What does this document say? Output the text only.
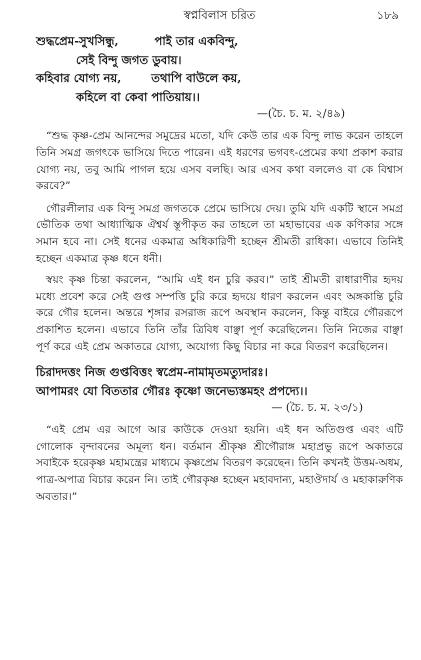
স্বপ্নবিলাস চরিত	১৮৯
শুদ্ধপ্রেম-সুখসিন্ধু,	পাই তার একবিন্দু,
সেই বিন্দু জগত ডুবায়।
কহিবার যোগ্য নয়,	তথাপি বাউলে কয়,
কহিলে বা কেবা পাতিয়ায়।।

—(চৈ. চ. ম. ২/৪৯)

“শুদ্ধ কৃষ্ণ-প্রেম আনন্দের সমুদ্রের মতো, যদি কেউ তার এক বিন্দু লাভ করেন তাহলে তিনি সমগ্র জগৎকে ভাসিয়ে দিতে পারেন। এই ধরণের ভগবৎ-প্রেমের কথা প্রকাশ করার যোগ্য নয়, তবু আমি পাগল হয়ে এসব বলছি। আর এসব কথা বললেও বা কে বিশ্বাস করবে?”

গৌরলীলার এক বিন্দু সমগ্র জগতকে প্রেমে ভাসিয়ে দেয়। তুমি যদি একটি স্থানে সমগ্র ভৌতিক তথা আধ্যাত্মিক ঐশ্বর্য স্তূপীকৃত কর তাহলে তা মহাভাবের এক কণিকার সঙ্গে সমান হবে না। সেই ধনের একমাত্র অধিকারিণী হচ্ছেন শ্রীমতী রাধিকা। এভাবে তিনিই হচ্ছেন একমাত্র কৃষ্ণ ধনে ধনী।

স্বয়ং কৃষ্ণ চিন্তা করলেন, “আমি এই ধন চুরি করব।” তাই শ্রীমতী রাধারাণীর হৃদয় মধ্যে প্রবেশ করে সেই গুপ্ত সম্পত্তি চুরি করে হৃদয়ে ধারণ করলেন এবং অঙ্গকান্তি চুরি করে গৌর হলেন। অন্তরে শৃঙ্গার রসরাজ রূপে অবস্থান করলেন, কিন্তু বাইরে গৌররূপে প্রকাশিত হলেন। এভাবে তিনি তাঁর ত্রিবিধ বাঞ্ছা পূর্ণ করেছিলেন। তিনি নিজের বাঞ্ছা পূর্ণ করে এই প্রেম অকাতরে যোগ্য, অযোগ্য কিছু বিচার না করে বিতরণ করেছিলেন।

চিরাদদত্তং নিজ গুপ্তবিত্তং স্বপ্রেম-নামামৃতমত্যুদারঃ।
আপামরং যো বিততার গৌরঃ কৃষ্ণো জনেভ্যস্তমহং প্রপদ্যে।।

— (চৈ. চ. ম. ২৩/১)

“এই প্রেম এর আগে আর কাউকে দেওয়া হয়নি। এই ধন অতিগুপ্ত এবং এটি গোলোক বৃন্দাবনের অমূল্য ধন। বর্তমান শ্রীকৃষ্ণ শ্রীগৌরাঙ্গ মহাপ্রভু রূপে অকাতরে সবাইকে হরেকৃষ্ণ মহামন্ত্রের মাধ্যমে কৃষ্ণপ্রেম বিতরণ করেছেন। তিনি কখনই উত্তম-অধম, পাত্র-অপাত্র বিচার করেন নি। তাই গৌরকৃষ্ণ হচ্ছেন মহাবদান্য, মহাঔদার্য ও মহাকারুণিক অবতার।”
